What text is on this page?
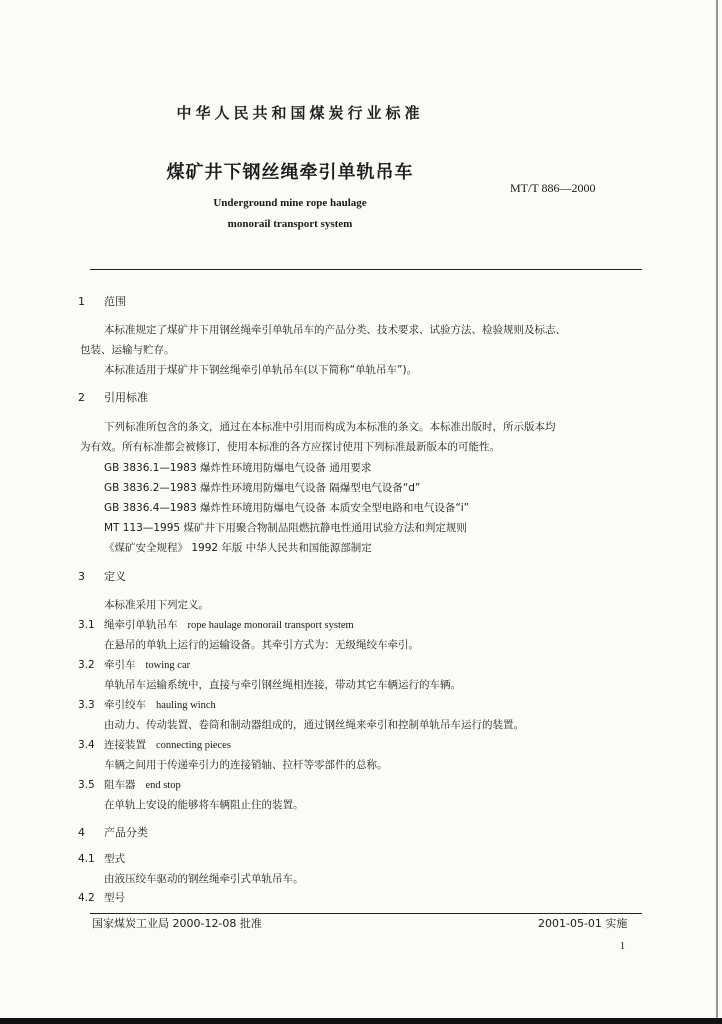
中华人民共和国煤炭行业标准
煤矿井下钢丝绳牵引单轨吊车
MT/T 886—2000
Underground mine rope haulage
monorail transport system
1 范围
本标准规定了煤矿井下用钢丝绳牵引单轨吊车的产品分类、技术要求、试验方法、检验规则及标志、
包装、运输与贮存。
本标准适用于煤矿井下钢丝绳牵引单轨吊车(以下简称“单轨吊车”)。
2 引用标准
下列标准所包含的条文，通过在本标准中引用而构成为本标准的条文。本标准出版时，所示版本均
为有效。所有标准都会被修订，使用本标准的各方应探讨使用下列标准最新版本的可能性。
GB 3836.1—1983 爆炸性环境用防爆电气设备 通用要求
GB 3836.2—1983 爆炸性环境用防爆电气设备 隔爆型电气设备“d”
GB 3836.4—1983 爆炸性环境用防爆电气设备 本质安全型电路和电气设备“i”
MT 113—1995 煤矿井下用聚合物制品阻燃抗静电性通用试验方法和判定规则
《煤矿安全规程》 1992 年版 中华人民共和国能源部制定
3 定义
本标准采用下列定义。
3.1 绳牵引单轨吊车 rope haulage monorail transport system
在悬吊的单轨上运行的运输设备。其牵引方式为：无级绳绞车牵引。
3.2 牵引车 towing car
单轨吊车运输系统中，直接与牵引钢丝绳相连接，带动其它车辆运行的车辆。
3.3 牵引绞车 hauling winch
由动力、传动装置、卷筒和制动器组成的，通过钢丝绳来牵引和控制单轨吊车运行的装置。
3.4 连接装置 connecting pieces
车辆之间用于传递牵引力的连接销轴、拉杆等零部件的总称。
3.5 阻车器 end stop
在单轨上安设的能够将车辆阻止住的装置。
4 产品分类
4.1 型式
由液压绞车驱动的钢丝绳牵引式单轨吊车。
4.2 型号
国家煤炭工业局 2000-12-08 批准	2001-05-01 实施
1
